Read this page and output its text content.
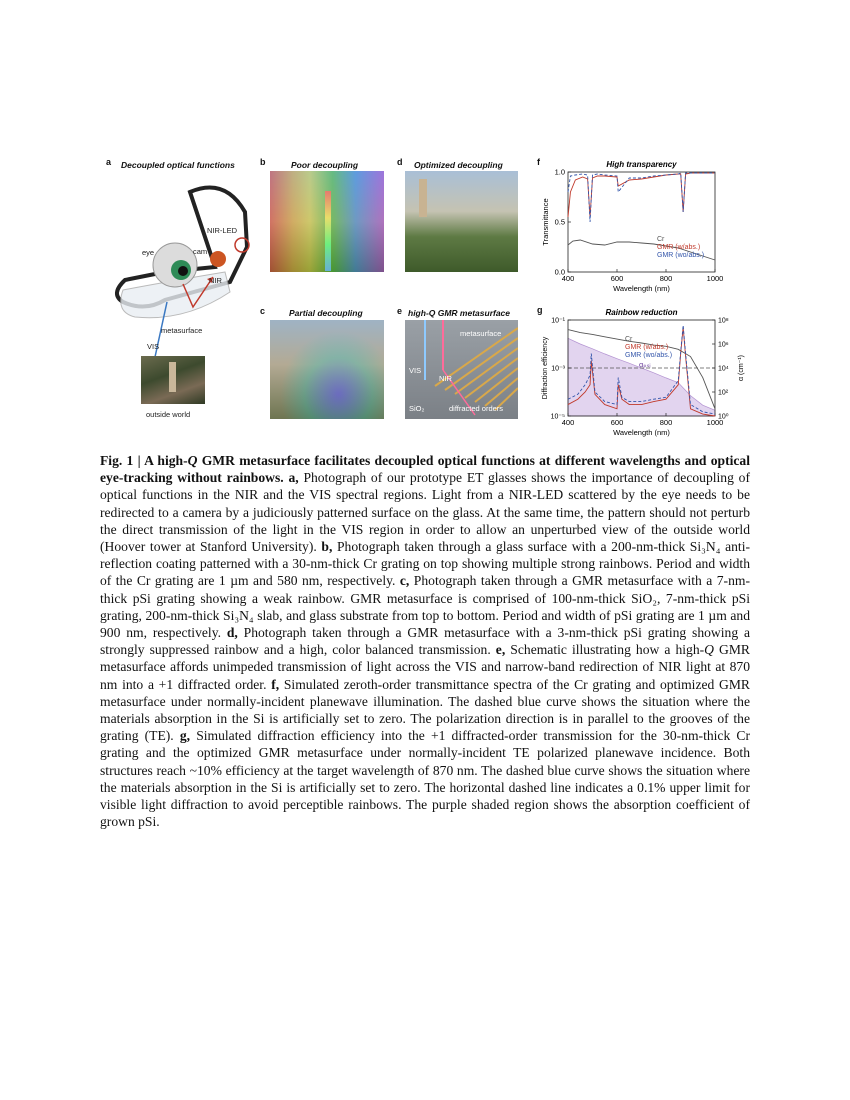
a Decoupled optical functions
NIR-LED
eye	cam
NIR
metasurface
VIS
outside world
b	Poor decoupling
c	Partial decoupling
d Optimized decoupling
e high-Q GMR metasurface
metasurface
VIS
NIR
SiO₂	diffracted orders
f	High transparency
400	600	800	1000
0.0
0.5
1.0
Wavelength (nm)
Transmittance	Cr
GMR (w/abs.)
GMR (wo/abs.)
g	Rainbow reduction
αₚₛᵢ
400	600	800	1000
10⁻⁵
10⁻³
10⁻¹
10⁰
10²
10⁴
10⁶
10⁸
Wavelength (nm)
Diffraction efficiency	α (cm⁻¹)
Cr
GMR (w/abs.)
GMR (wo/abs.)
Fig. 1 | A high-Q GMR metasurface facilitates decoupled optical functions at different wavelengths and optical eye-tracking without rainbows. a, Photograph of our prototype ET glasses shows the importance of decoupling of optical functions in the NIR and the VIS spectral regions. Light from a NIR-LED scattered by the eye needs to be redirected to a camera by a judiciously patterned surface on the glass. At the same time, the pattern should not perturb the direct transmission of the light in the VIS region in order to allow an unperturbed view of the outside world (Hoover tower at Stanford University). b, Photograph taken through a glass surface with a 200-nm-thick Si₃N₄ anti-reflection coating patterned with a 30-nm-thick Cr grating on top showing multiple strong rainbows. Period and width of the Cr grating are 1 µm and 580 nm, respectively. c, Photograph taken through a GMR metasurface with a 7-nm-thick pSi grating showing a weak rainbow. GMR metasurface is comprised of 100-nm-thick SiO₂, 7-nm-thick pSi grating, 200-nm-thick Si₃N₄ slab, and glass substrate from top to bottom. Period and width of pSi grating are 1 µm and 900 nm, respectively. d, Photograph taken through a GMR metasurface with a 3-nm-thick pSi grating showing a strongly suppressed rainbow and a high, color balanced transmission. e, Schematic illustrating how a high-Q GMR metasurface affords unimpeded transmission of light across the VIS and narrow-band redirection of NIR light at 870 nm into a +1 diffracted order. f, Simulated zeroth-order transmittance spectra of the Cr grating and optimized GMR metasurface under normally-incident planewave illumination. The dashed blue curve shows the situation where the materials absorption in the Si is artificially set to zero. The polarization direction is in parallel to the grooves of the grating (TE). g, Simulated diffraction efficiency into the +1 diffracted-order transmission for the 30-nm-thick Cr grating and the optimized GMR metasurface under normally-incident TE polarized planewave incidence. Both structures reach ~10% efficiency at the target wavelength of 870 nm. The dashed blue curve shows the situation where the materials absorption in the Si is artificially set to zero. The horizontal dashed line indicates a 0.1% upper limit for visible light diffraction to avoid perceptible rainbows. The purple shaded region shows the absorption coefficient of grown pSi.
